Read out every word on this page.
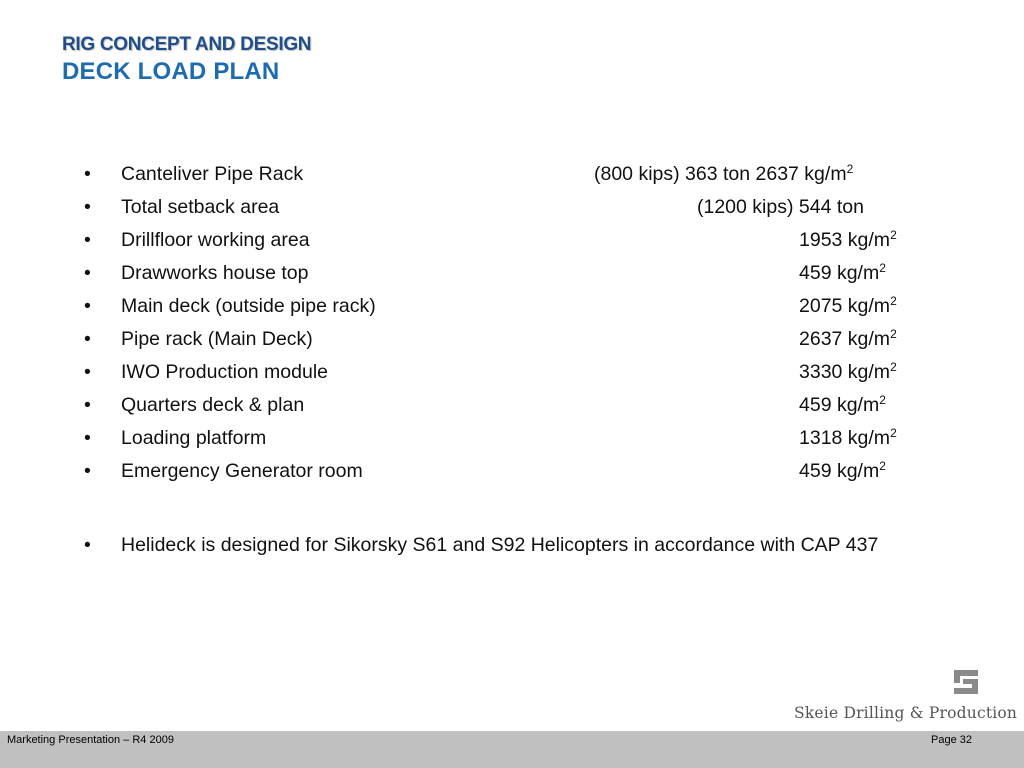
RIG CONCEPT AND DESIGN
DECK LOAD PLAN
• Canteliver Pipe Rack	(800 kips) 363 ton 2637 $kg/m^2$
• Total setback area	(1200 kips) 544 ton
• Drillfloor working area	1953 $kg/m^2$
• Drawworks house top	459 $kg/m^2$
• Main deck (outside pipe rack)	2075 $kg/m^2$
• Pipe rack (Main Deck)	2637 $kg/m^2$
• IWO Production module	3330 $kg/m^2$
• Quarters deck & plan	459 $kg/m^2$
• Loading platform	1318 $kg/m^2$
• Emergency Generator room	459 $kg/m^2$
• Helideck is designed for Sikorsky S61 and S92 Helicopters in accordance with CAP 437
Skeie Drilling & Production
Marketing Presentation – R4 2009	Page 32
